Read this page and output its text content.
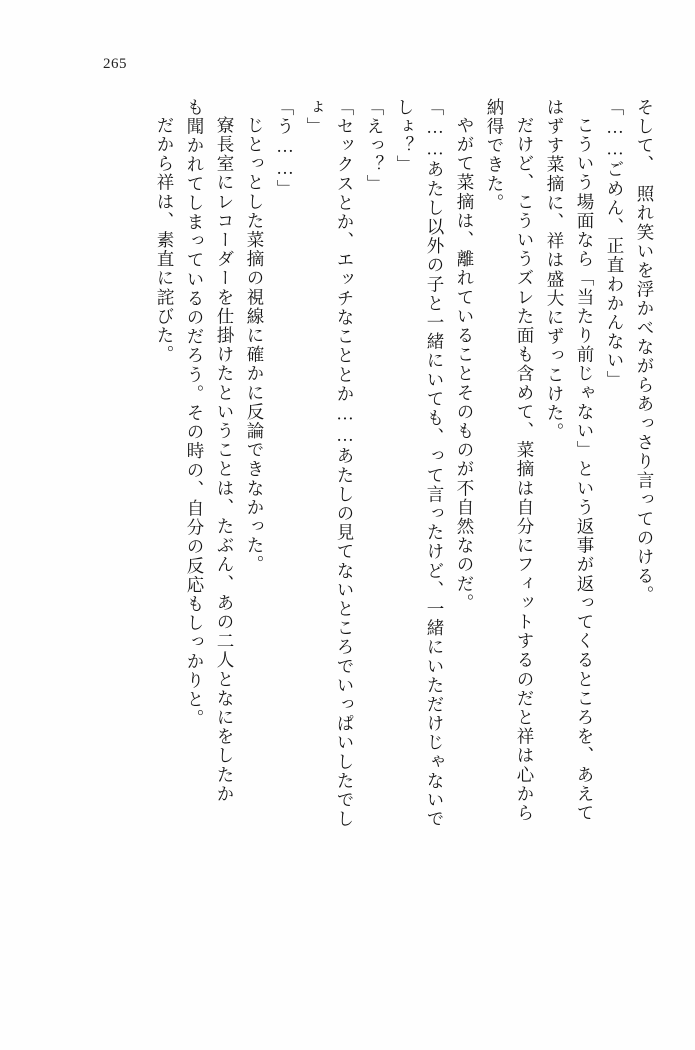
265
そして、　照れ笑いを浮かべながらあっさり言ってのける。
「……ごめん、正直わかんない」
こういう場面なら「当たり前じゃない」という返事が返ってくるところを、あえて
はずす菜摘に、祥は盛大にずっこけた。
だけど、こういうズレた面も含めて、菜摘は自分にフィットするのだと祥は心から
納得できた。
やがて菜摘は、離れていることそのものが不自然なのだ。
「……あたし以外の子と一緒にいても、って言ったけど、一緒にいただけじゃないで
しょ？」
「えっ？」
「セックスとか、エッチなこととか……あたしの見てないところでいっぱいしたでし
ょ」
「う……」
じとっとした菜摘の視線に確かに反論できなかった。
寮長室にレコーダーを仕掛けたということは、たぶん、あの二人となにをしたか
も聞かれてしまっているのだろう。その時の、自分の反応もしっかりと。
だから祥は、素直に詫びた。
